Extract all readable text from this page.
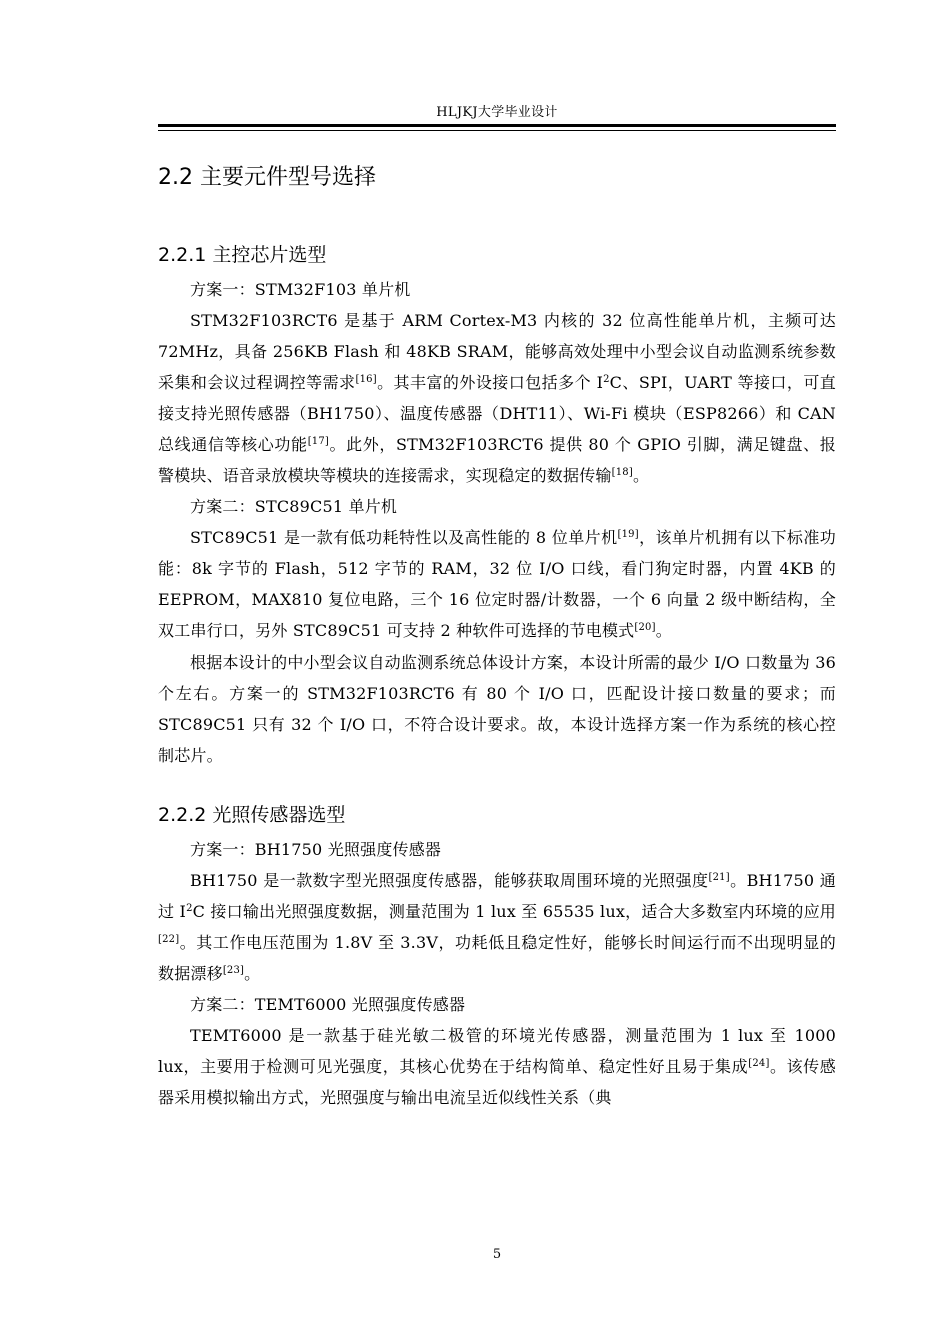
HLJKJ大学毕业设计
2.2 主要元件型号选择
2.2.1 主控芯片选型

方案一：STM32F103 单片机

STM32F103RCT6 是基于 ARM Cortex-M3 内核的 32 位高性能单片机，主频可达 72MHz，具备 256KB Flash 和 48KB SRAM，能够高效处理中小型会议自动监测系统参数采集和会议过程调控等需求[16]。其丰富的外设接口包括多个 $I^2C$、SPI，UART 等接口，可直接支持光照传感器（BH1750）、温度传感器（DHT11）、Wi-Fi 模块（ESP8266）和 CAN 总线通信等核心功能[17]。此外，STM32F103RCT6 提供 80 个 GPIO 引脚，满足键盘、报警模块、语音录放模块等模块的连接需求，实现稳定的数据传输[18]。

方案二：STC89C51 单片机

STC89C51 是一款有低功耗特性以及高性能的 8 位单片机[19]，该单片机拥有以下标准功能：8k 字节的 Flash，512 字节的 RAM，32 位 I/O 口线，看门狗定时器，内置 4KB 的 EEPROM，MAX810 复位电路，三个 16 位定时器/计数器，一个 6 向量 2 级中断结构，全双工串行口，另外 STC89C51 可支持 2 种软件可选择的节电模式[20]。

根据本设计的中小型会议自动监测系统总体设计方案，本设计所需的最少 I/O 口数量为 36 个左右。方案一的 STM32F103RCT6 有 80 个 I/O 口，匹配设计接口数量的要求；而 STC89C51 只有 32 个 I/O 口，不符合设计要求。故，本设计选择方案一作为系统的核心控制芯片。

2.2.2 光照传感器选型

方案一：BH1750 光照强度传感器

BH1750 是一款数字型光照强度传感器，能够获取周围环境的光照强度[21]。BH1750 通过 $I^2C$ 接口输出光照强度数据，测量范围为 1 lux 至 65535 lux，适合大多数室内环境的应用[22]。其工作电压范围为 1.8V 至 3.3V，功耗低且稳定性好，能够长时间运行而不出现明显的数据漂移[23]。

方案二：TEMT6000 光照强度传感器

TEMT6000 是一款基于硅光敏二极管的环境光传感器，测量范围为 1 lux 至 1000 lux，主要用于检测可见光强度，其核心优势在于结构简单、稳定性好且易于集成[24]。该传感器采用模拟输出方式，光照强度与输出电流呈近似线性关系（典

5
